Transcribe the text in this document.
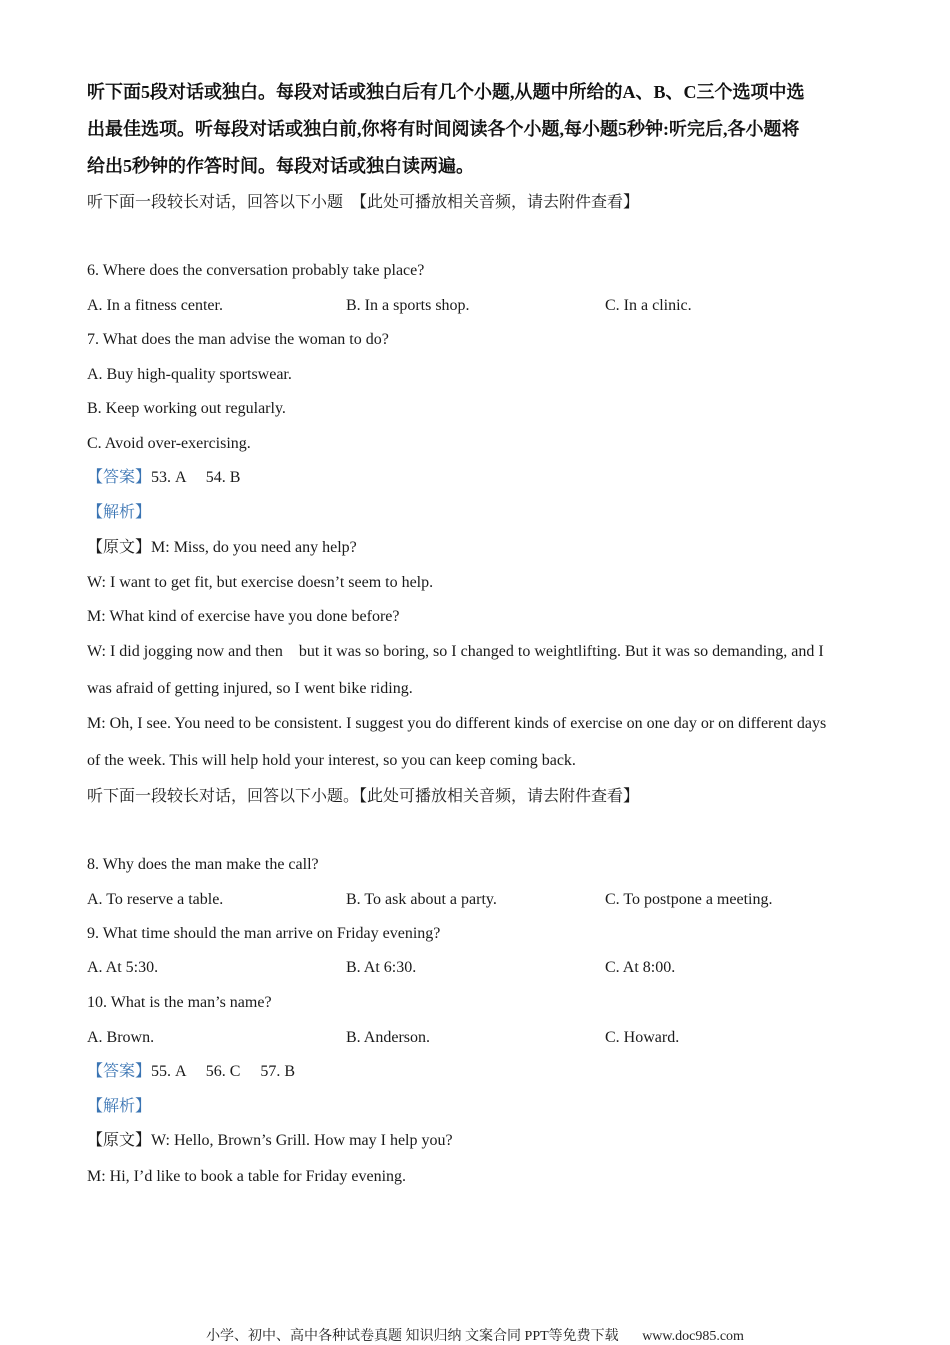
听下面5段对话或独白。每段对话或独白后有几个小题,从题中所给的A、B、C三个选项中选
出最佳选项。听每段对话或独白前,你将有时间阅读各个小题,每小题5秒钟:听完后,各小题将
给出5秒钟的作答时间。每段对话或独白读两遍。
听下面一段较长对话，回答以下小题　【此处可播放相关音频，请去附件查看】
6. Where does the conversation probably take place?
A. In a fitness center.	B. In a sports shop.	C. In a clinic.
7. What does the man advise the woman to do?
A. Buy high-quality sportswear.
B. Keep working out regularly.
C. Avoid over-exercising.
【答案】53. A　 54. B
【解析】
【原文】M: Miss, do you need any help?
W: I want to get fit, but exercise doesn’t seem to help.
M: What kind of exercise have you done before?
W: I did jogging now and then　but it was so boring, so I changed to weightlifting. But it was so demanding, and I
was afraid of getting injured, so I went bike riding.
M: Oh, I see. You need to be consistent. I suggest you do different kinds of exercise on one day or on different days
of the week. This will help hold your interest, so you can keep coming back.
听下面一段较长对话，回答以下小题。【此处可播放相关音频，请去附件查看】
8. Why does the man make the call?
A. To reserve a table.	B. To ask about a party.	C. To postpone a meeting.
9. What time should the man arrive on Friday evening?
A. At 5:30.	B. At 6:30.	C. At 8:00.
10. What is the man’s name?
A. Brown.	B. Anderson.	C. Howard.
【答案】55. A　 56. C　 57. B
【解析】
【原文】W: Hello, Brown’s Grill. How may I help you?
M: Hi, I’d like to book a table for Friday evening.
小学、初中、高中各种试卷真题 知识归纳 文案合同 PPT等免费下载 www.doc985.com
